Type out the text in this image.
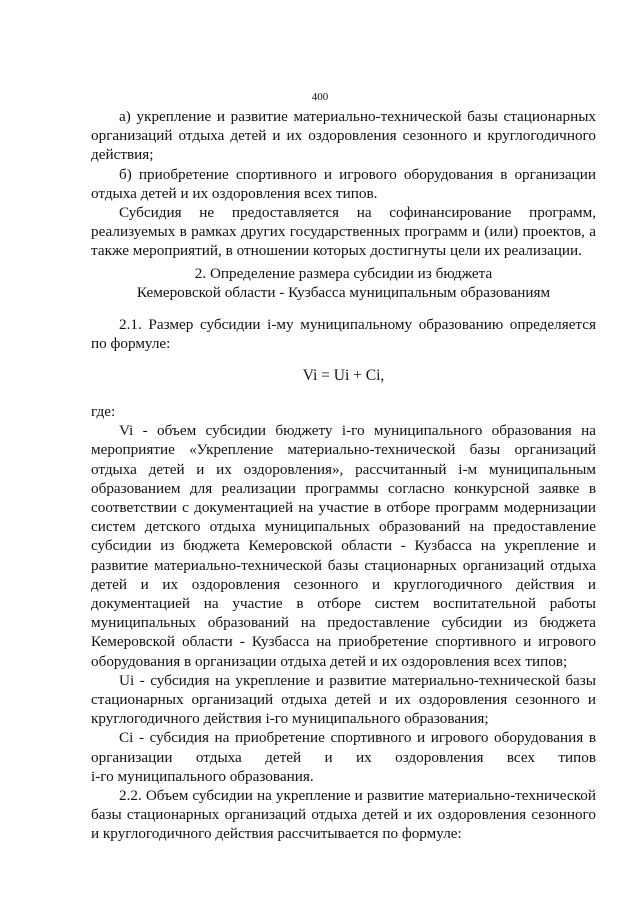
400

а) укрепление и развитие материально-технической базы стационарных организаций отдыха детей и их оздоровления сезонного и круглогодичного действия;

б) приобретение спортивного и игрового оборудования в организации отдыха детей и их оздоровления всех типов.

Субсидия не предоставляется на софинансирование программ, реализуемых в рамках других государственных программ и (или) проектов, а также мероприятий, в отношении которых достигнуты цели их реализации.

2. Определение размера субсидии из бюджета

Кемеровской области - Кузбасса муниципальным образованиям

2.1. Размер субсидии i-му муниципальному образованию определяется по формуле:

Vi = Ui + Ci,

где:

Vi - объем субсидии бюджету i-го муниципального образования на мероприятие «Укрепление материально-технической базы организаций отдыха детей и их оздоровления», рассчитанный i-м муниципальным образованием для реализации программы согласно конкурсной заявке в соответствии с документацией на участие в отборе программ модернизации систем детского отдыха муниципальных образований на предоставление субсидии из бюджета Кемеровской области - Кузбасса на укрепление и развитие материально-технической базы стационарных организаций отдыха детей и их оздоровления сезонного и круглогодичного действия и документацией на участие в отборе систем воспитательной работы муниципальных образований на предоставление субсидии из бюджета Кемеровской области - Кузбасса на приобретение спортивного и игрового оборудования в организации отдыха детей и их оздоровления всех типов;

Ui - субсидия на укрепление и развитие материально-технической базы стационарных организаций отдыха детей и их оздоровления сезонного и круглогодичного действия i-го муниципального образования;

Ci - субсидия на приобретение спортивного и игрового оборудования в организации отдыха детей и их оздоровления всех типов

i-го муниципального образования.

2.2. Объем субсидии на укрепление и развитие материально-технической базы стационарных организаций отдыха детей и их оздоровления сезонного и круглогодичного действия рассчитывается по формуле:
